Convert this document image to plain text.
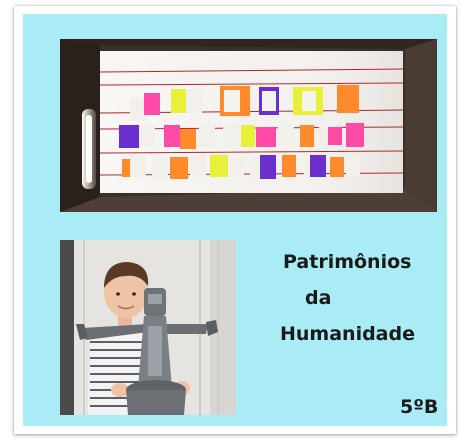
Patrimônios
da
Humanidade
5ºB
